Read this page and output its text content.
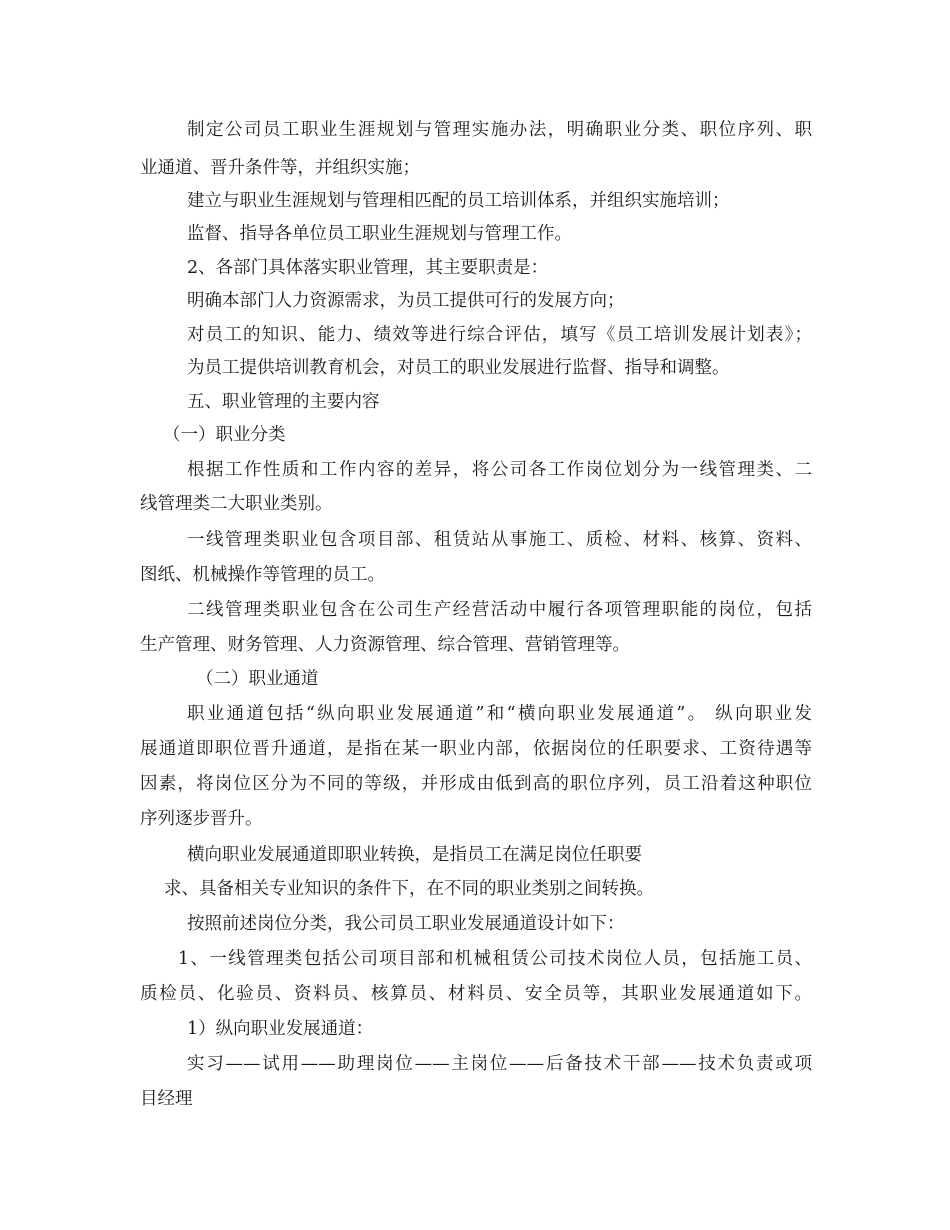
制定公司员工职业生涯规划与管理实施办法，明确职业分类、职位序列、职
业通道、晋升条件等，并组织实施；
建立与职业生涯规划与管理相匹配的员工培训体系，并组织实施培训；
监督、指导各单位员工职业生涯规划与管理工作。
2、各部门具体落实职业管理，其主要职责是：
明确本部门人力资源需求，为员工提供可行的发展方向；
对员工的知识、能力、绩效等进行综合评估，填写《员工培训发展计划表》；
为员工提供培训教育机会，对员工的职业发展进行监督、指导和调整。
五、职业管理的主要内容
（一）职业分类
根据工作性质和工作内容的差异，将公司各工作岗位划分为一线管理类、二
线管理类二大职业类别。
一线管理类职业包含项目部、租赁站从事施工、质检、材料、核算、资料、
图纸、机械操作等管理的员工。
二线管理类职业包含在公司生产经营活动中履行各项管理职能的岗位，包括
生产管理、财务管理、人力资源管理、综合管理、营销管理等。
（二）职业通道
职业通道包括“纵向职业发展通道”和“横向职业发展通道”。 纵向职业发
展通道即职位晋升通道，是指在某一职业内部，依据岗位的任职要求、工资待遇等
因素，将岗位区分为不同的等级，并形成由低到高的职位序列，员工沿着这种职位
序列逐步晋升。
横向职业发展通道即职业转换，是指员工在满足岗位任职要
求、具备相关专业知识的条件下，在不同的职业类别之间转换。
按照前述岗位分类，我公司员工职业发展通道设计如下：
1、一线管理类包括公司项目部和机械租赁公司技术岗位人员，包括施工员、
质检员、化验员、资料员、核算员、材料员、安全员等，其职业发展通道如下。
1）纵向职业发展通道：
实习——试用——助理岗位——主岗位——后备技术干部——技术负责或项
目经理
